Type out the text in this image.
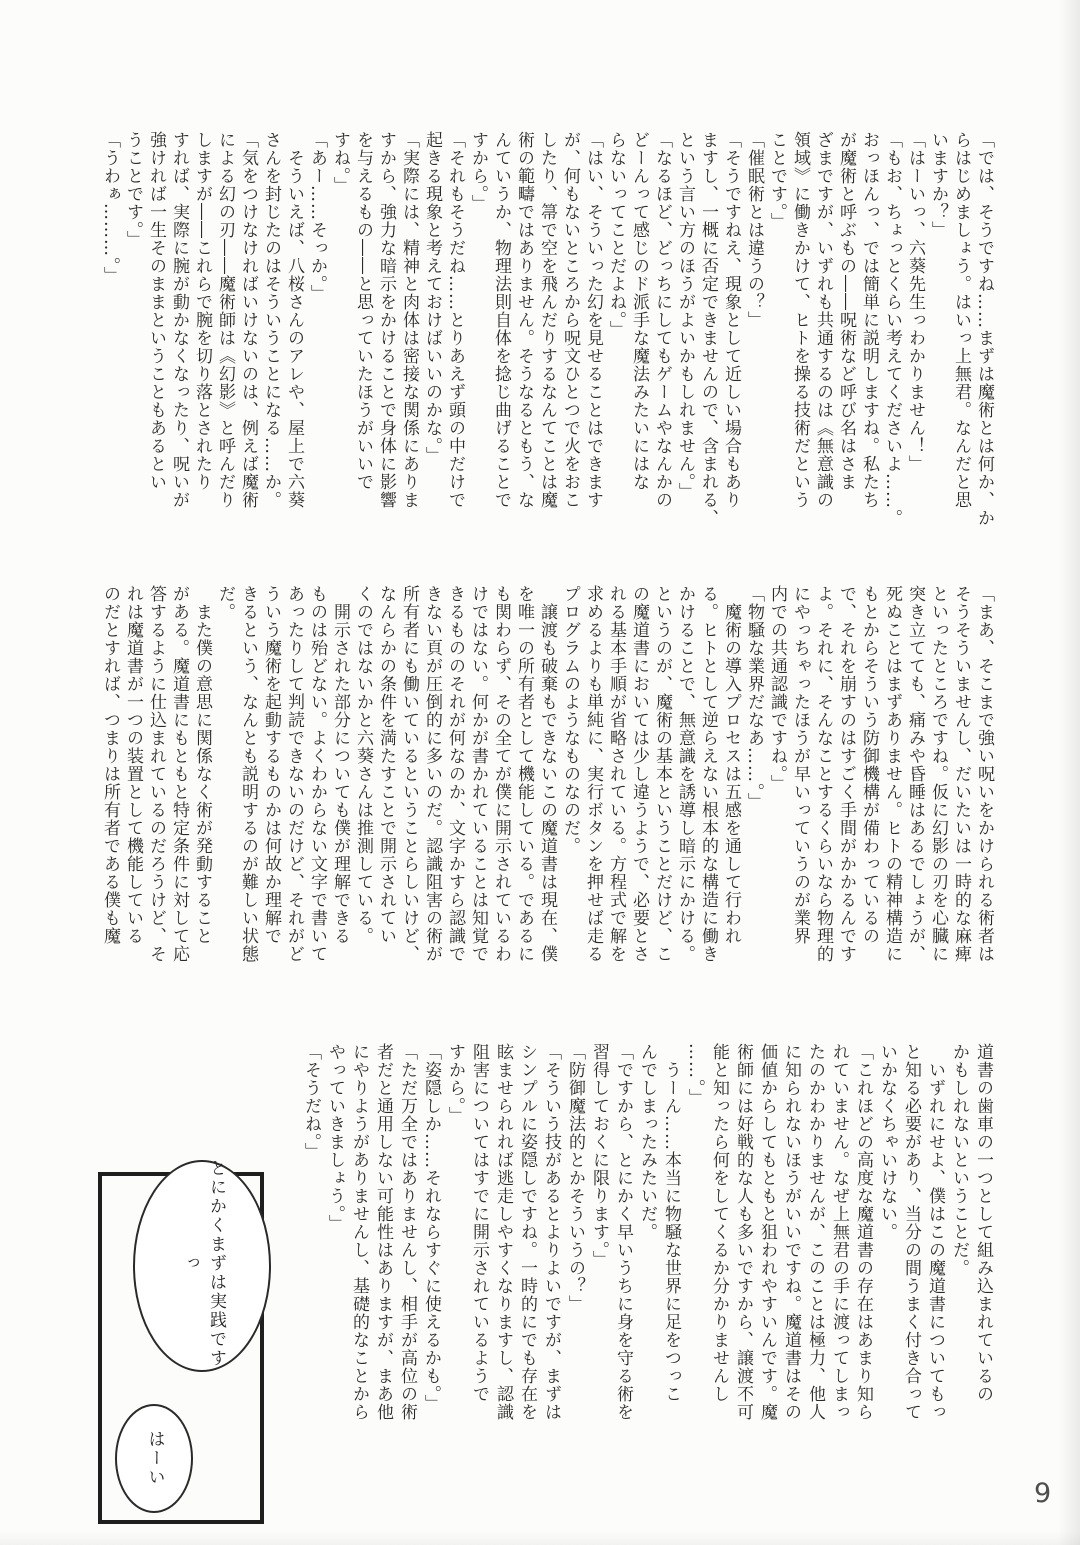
「では、そうですね……まずは魔術とは何か、か
らはじめましょう。はいっ上無君。なんだと思
いますか？」
「はーいっ、六葵先生っわかりません！」
「もお、ちょっとくらい考えてくださいよ……。
おっほんっ、では簡単に説明しますね。私たち
が魔術と呼ぶもの――呪術など呼び名はさま
ざまですが、いずれも共通するのは《無意識の
領域》に働きかけて、ヒトを操る技術だという
ことです。」
「催眠術とは違うの？」
「そうですねえ、現象として近しい場合もあり
ますし、一概に否定できませんので、含まれる、
という言い方のほうがよいかもしれません。」
「なるほど、どっちにしてもゲームやなんかの
どーんって感じのド派手な魔法みたいにはな
らないってことだよね。」
「はい、そういった幻を見せることはできます
が、何もないところから呪文ひとつで火をおこ
したり、箒で空を飛んだりするなんてことは魔
術の範疇ではありません。そうなるともう、な
んていうか、物理法則自体を捻じ曲げることで
すから。」
「それもそうだね……とりあえず頭の中だけで
起きる現象と考えておけばいいのかな。」
「実際には、精神と肉体は密接な関係にありま
すから、強力な暗示をかけることで身体に影響
を与えるもの――と思っていたほうがいいで
すね。」
「あー……そっか。」
　そういえば、八桜さんのアレや、屋上で六葵
さんを封じたのはそういうことになる……か。
「気をつけなければいけないのは、例えば魔術
による幻の刃――魔術師は《幻影》と呼んだり
しますが――これらで腕を切り落とされたり
すれば、実際に腕が動かなくなったり、呪いが
強ければ一生そのままということもあるとい
うことです。」
「うわぁ………。」
「まあ、そこまで強い呪いをかけられる術者は
そうそういませんし、だいたいは一時的な麻痺
といったところですね。仮に幻影の刃を心臓に
突き立てても、痛みや昏睡はあるでしょうが、
死ぬことはまずありません。ヒトの精神構造に
もとからそういう防御機構が備わっているの
で、それを崩すのはすごく手間がかかるんです
よ。それに、そんなことするくらいなら物理的
にやっちゃったほうが早いっていうのが業界
内での共通認識ですね。」
「物騒な業界だなあ……。」
　魔術の導入プロセスは五感を通して行われ
る。ヒトとして逆らえない根本的な構造に働き
かけることで、無意識を誘導し暗示にかける。
というのが、魔術の基本ということだけど、こ
の魔道書においては少し違うようで、必要とさ
れる基本手順が省略されている。方程式で解を
求めるよりも単純に、実行ボタンを押せば走る
プログラムのようなものなのだ。
　譲渡も破棄もできないこの魔道書は現在、僕
を唯一の所有者として機能している。であるに
も関わらず、その全てが僕に開示されているわ
けではない。何かが書かれていることは知覚で
きるもののそれが何なのか、文字かすら認識で
きない頁が圧倒的に多いのだ。認識阻害の術が
所有者にも働いているということらしいけど、
なんらかの条件を満たすことで開示されてい
くのではないかと六葵さんは推測している。
　開示された部分についても僕が理解できる
ものは殆どない。よくわからない文字で書いて
あったりして判読できないのだけど、それがど
ういう魔術を起動するものかは何故か理解で
きるという、なんとも説明するのが難しい状態
だ。
　また僕の意思に関係なく術が発動すること
がある。魔道書にもともと特定条件に対して応
答するように仕込まれているのだろうけど、そ
れは魔道書が一つの装置として機能している
のだとすれば、つまりは所有者である僕も魔
道書の歯車の一つとして組み込まれているの
かもしれないということだ。
　いずれにせよ、僕はこの魔道書についてもっ
と知る必要があり、当分の間うまく付き合って
いかなくちゃいけない。
「これほどの高度な魔道書の存在はあまり知ら
れていません。なぜ上無君の手に渡ってしまっ
たのかわかりませんが、このことは極力、他人
に知られないほうがいいですね。魔道書はその
価値からしてもともと狙われやすいんです。魔
術師には好戦的な人も多いですから、譲渡不可
能と知ったら何をしてくるか分かりませんし
……。」
　うーん……本当に物騒な世界に足をつっこ
んでしまったみたいだ。
「ですから、とにかく早いうちに身を守る術を
習得しておくに限ります。」
「防御魔法的とかそういうの？」
「そういう技があるとよりよいですが、まずは
シンプルに姿隠しですね。一時的にでも存在を
眩ませられれば逃走しやすくなりますし、認識
阻害についてはすでに開示されているようで
すから。」
「姿隠しか……それならすぐに使えるかも。」
「ただ万全ではありませんし、相手が高位の術
者だと通用しない可能性はありますが、まあ他
にやりようがありませんし、基礎的なことから
やっていきましょう。」
「そうだね。」
とにかくまずは実践ですっ
はーい
9
